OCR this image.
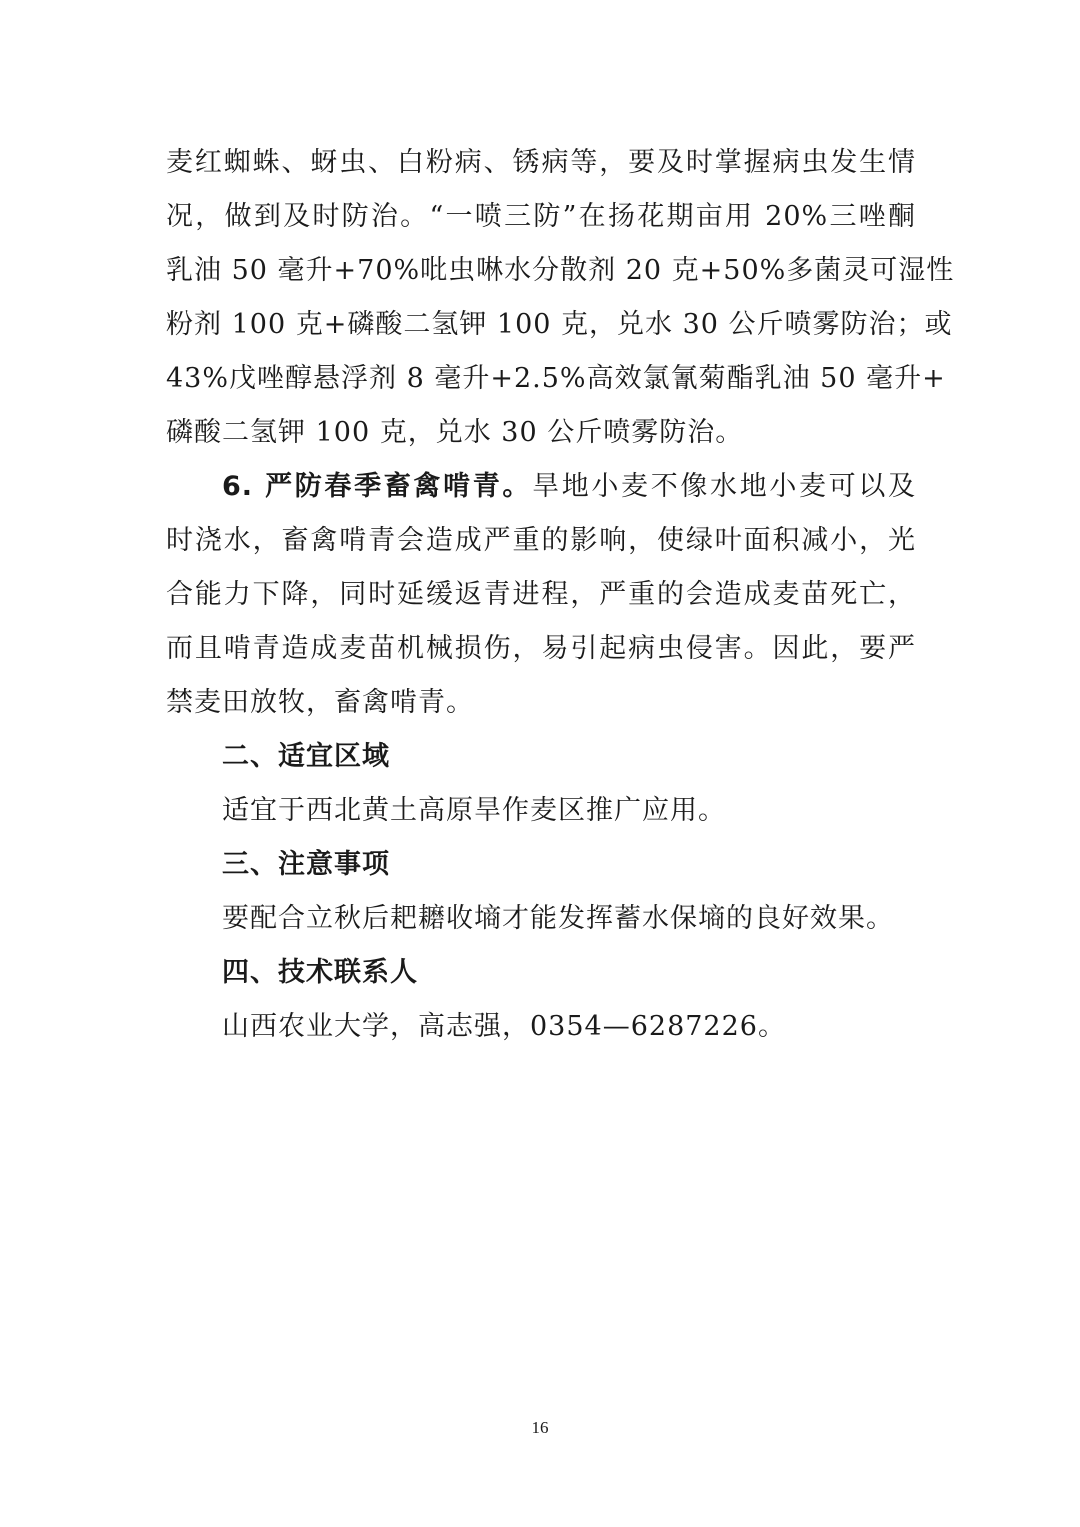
麦红蜘蛛、蚜虫、白粉病、锈病等，要及时掌握病虫发生情
况，做到及时防治。“一喷三防”在扬花期亩用 20%三唑酮
乳油 50 毫升+70%吡虫啉水分散剂 20 克+50%多菌灵可湿性
粉剂 100 克+磷酸二氢钾 100 克，兑水 30 公斤喷雾防治；或
43%戊唑醇悬浮剂 8 毫升+2.5%高效氯氰菊酯乳油 50 毫升+
磷酸二氢钾 100 克，兑水 30 公斤喷雾防治。
6. 严防春季畜禽啃青。旱地小麦不像水地小麦可以及
时浇水，畜禽啃青会造成严重的影响，使绿叶面积减小，光
合能力下降，同时延缓返青进程，严重的会造成麦苗死亡，
而且啃青造成麦苗机械损伤，易引起病虫侵害。因此，要严
禁麦田放牧，畜禽啃青。
二、适宜区域
适宜于西北黄土高原旱作麦区推广应用。
三、注意事项
要配合立秋后耙耱收墒才能发挥蓄水保墒的良好效果。
四、技术联系人
山西农业大学，高志强，0354—6287226。
16
